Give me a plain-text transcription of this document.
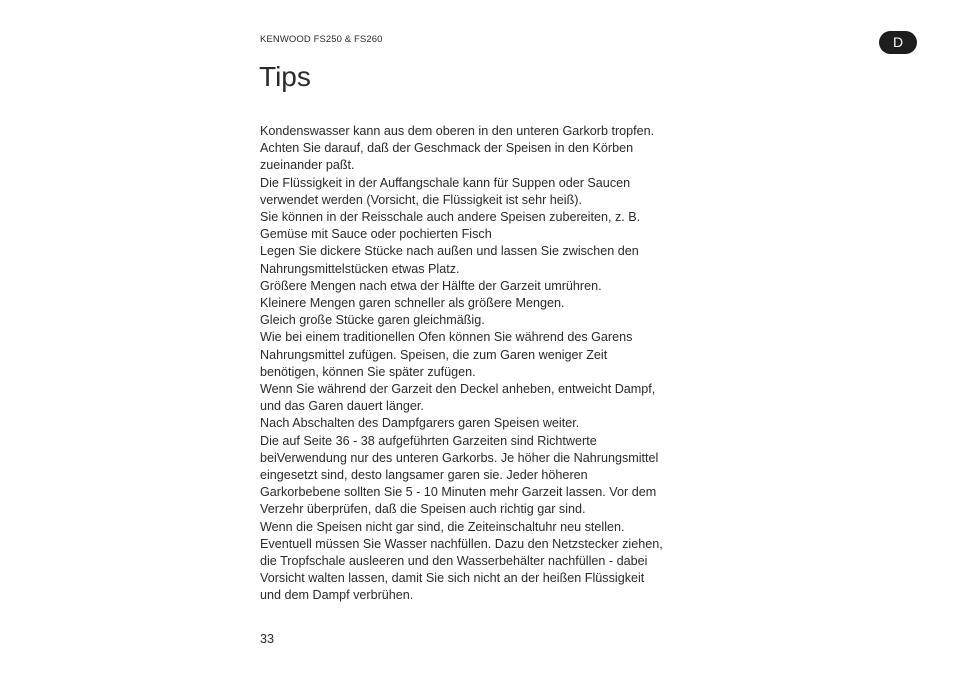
KENWOOD FS250 & FS260	D
Tips
Kondenswasser kann aus dem oberen in den unteren Garkorb tropfen.
Achten Sie darauf, daß der Geschmack der Speisen in den Körben
zueinander paßt.
Die Flüssigkeit in der Auffangschale kann für Suppen oder Saucen
verwendet werden (Vorsicht, die Flüssigkeit ist sehr heiß).
Sie können in der Reisschale auch andere Speisen zubereiten, z. B.
Gemüse mit Sauce oder pochierten Fisch
Legen Sie dickere Stücke nach außen und lassen Sie zwischen den
Nahrungsmittelstücken etwas Platz.
Größere Mengen nach etwa der Hälfte der Garzeit umrühren.
Kleinere Mengen garen schneller als größere Mengen.
Gleich große Stücke garen gleichmäßig.
Wie bei einem traditionellen Ofen können Sie während des Garens
Nahrungsmittel zufügen. Speisen, die zum Garen weniger Zeit
benötigen, können Sie später zufügen.
Wenn Sie während der Garzeit den Deckel anheben, entweicht Dampf,
und das Garen dauert länger.
Nach Abschalten des Dampfgarers garen Speisen weiter.
Die auf Seite 36 - 38 aufgeführten Garzeiten sind Richtwerte
beiVerwendung nur des unteren Garkorbs. Je höher die Nahrungsmittel
eingesetzt sind, desto langsamer garen sie. Jeder höheren
Garkorbebene sollten Sie 5 - 10 Minuten mehr Garzeit lassen. Vor dem
Verzehr überprüfen, daß die Speisen auch richtig gar sind.
Wenn die Speisen nicht gar sind, die Zeiteinschaltuhr neu stellen.
Eventuell müssen Sie Wasser nachfüllen. Dazu den Netzstecker ziehen,
die Tropfschale ausleeren und den Wasserbehälter nachfüllen - dabei
Vorsicht walten lassen, damit Sie sich nicht an der heißen Flüssigkeit
und dem Dampf verbrühen.
33
